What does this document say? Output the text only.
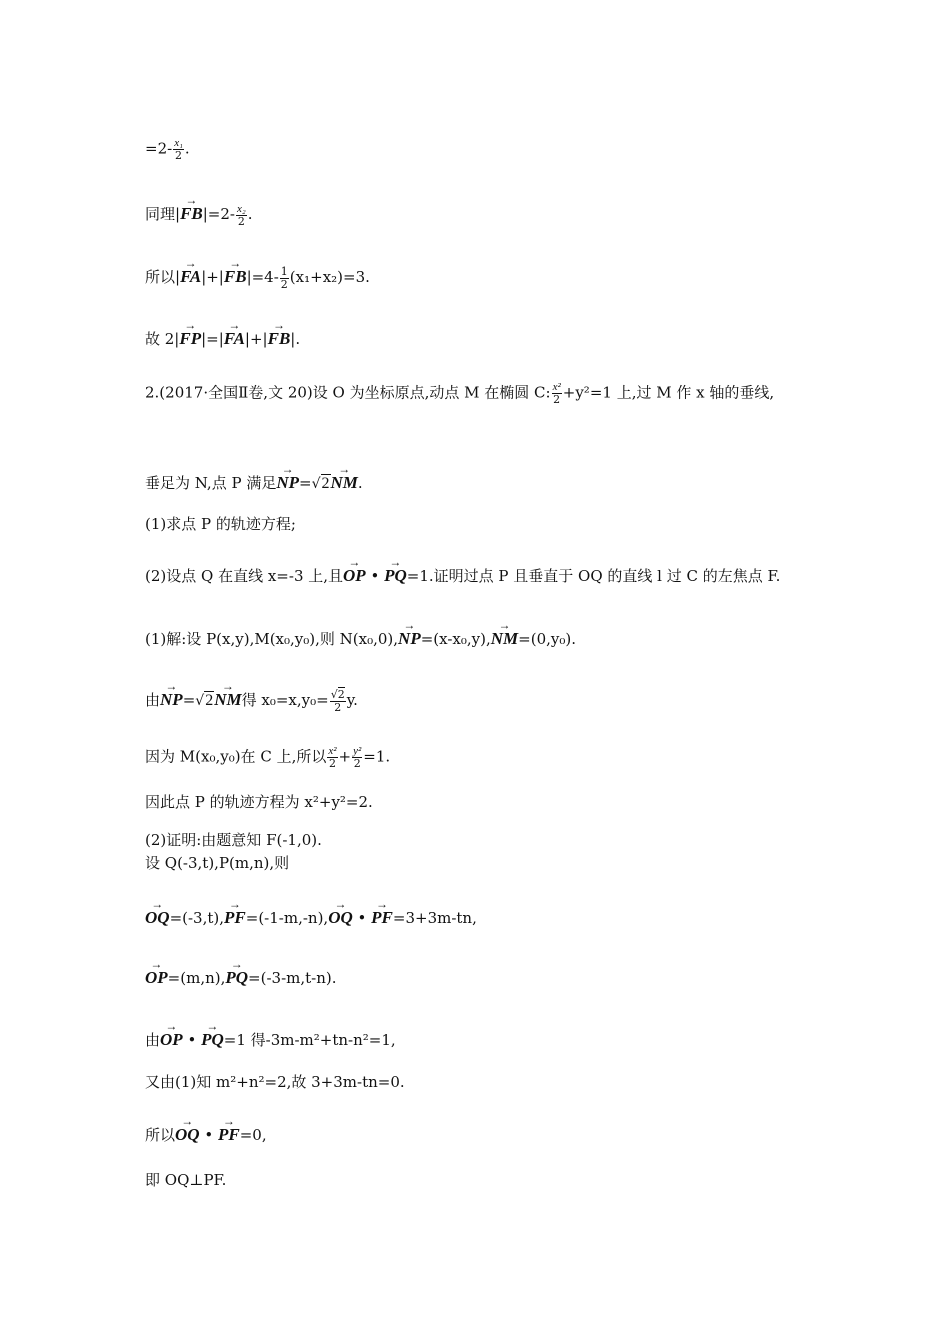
$=2- \frac{\text{x₁}}{2}$ .
同理|→ $FB|=2- \frac{\text{x₂}}{2}$ .
所以|→ $FA|+|\to FB|=4- \frac{1}{2} (x_1+x_2)=3$.
故 2|→ FP|=|→ FA|+|→ FB|.
2.(2017·全国Ⅱ卷,文 20)设 O 为坐标原点,动点 M 在椭圆 C: $\frac{\text{x²}}{2} +y^2=1$ 上,过 M 作 x 轴的垂线,
垂足为 N,点 P 满足→ NP=√2→ NM.
(1)求点 P 的轨迹方程;
(2)设点 Q 在直线 x=-3 上,且→ OP • → PQ=1.证明过点 P 且垂直于 OQ 的直线 l 过 C 的左焦点 F.
(1)解:设 P(x,y),M(x₀,y₀),则 N(x₀,0),→ NP=(x-x₀,y),→ NM=(0,y₀).
由→ NP=√2→ NM得 $x_0=x,y_0= \frac{√2}{2} y$.
因为 M(x₀,y₀)在 C 上,所以 $\frac{\text{x²}}{2} + \frac{\text{y²}}{2} =1$.
因此点 P 的轨迹方程为 x²+y²=2.
(2)证明:由题意知 F(-1,0).
设 Q(-3,t),P(m,n),则
→ OQ=(-3,t),→ PF=(-1-m,-n),→ OQ • → PF=3+3m-tn,
→ OP=(m,n),→ PQ=(-3-m,t-n).
由→ OP • → PQ=1 得-3m-m²+tn-n²=1,
又由(1)知 m²+n²=2,故 3+3m-tn=0.
所以→ OQ • → PF=0,
即 OQ⊥PF.
